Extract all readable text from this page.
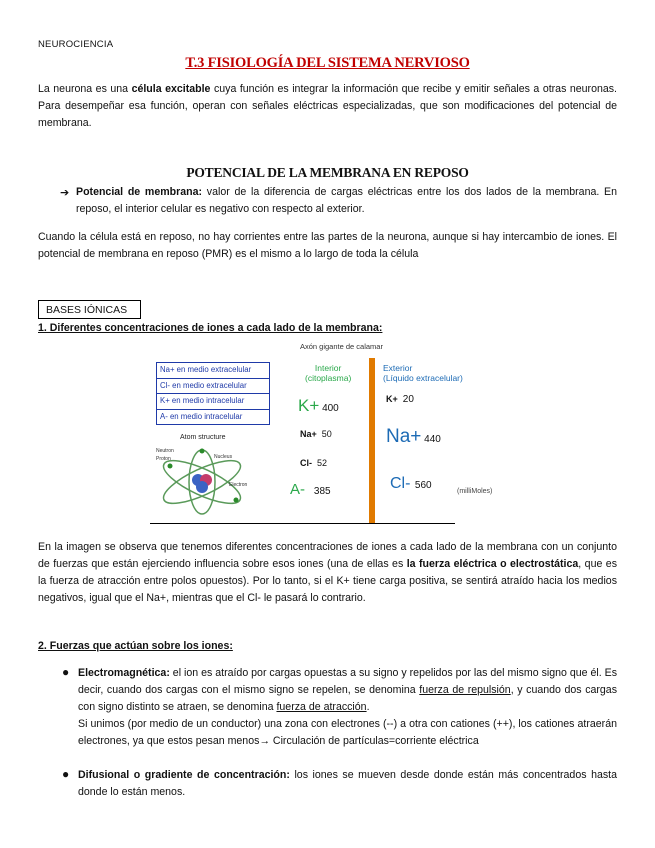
NEUROCIENCIA
T.3 FISIOLOGÍA DEL SISTEMA NERVIOSO

La neurona es una célula excitable cuya función es integrar la información que recibe y emitir señales a otras neuronas. Para desempeñar esa función, operan con señales eléctricas especializadas, que son modificaciones del potencial de membrana.

POTENCIAL DE LA MEMBRANA EN REPOSO
➔ Potencial de membrana: valor de la diferencia de cargas eléctricas entre los dos lados de la membrana. En reposo, el interior celular es negativo con respecto al exterior.

Cuando la célula está en reposo, no hay corrientes entre las partes de la neurona, aunque si hay intercambio de iones. El potencial de membrana en reposo (PMR) es el mismo a lo largo de toda la célula

BASES IÓNICAS
1. Diferentes concentraciones de iones a cada lado de la membrana:
Axón gigante de calamar
Na+ en medio extracelular
Cl- en medio extracelular
K+ en medio intracelular
A- en medio intracelular
Atom structure
Neutron
Proton	Nucleus
Electron
Interior
(citoplasma)
Exterior
(Líquido extracelular)
K+ 400
Na+ 50
Cl- 52
A- 385
K+ 20
Na+ 440
Cl- 560
(milliMoles)

En la imagen se observa que tenemos diferentes concentraciones de iones a cada lado de la membrana con un conjunto de fuerzas que están ejerciendo influencia sobre esos iones (una de ellas es la fuerza eléctrica o electrostática, que es la fuerza de atracción entre polos opuestos). Por lo tanto, si el K+ tiene carga positiva, se sentirá atraído hacia los medios negativos, igual que el Na+, mientras que el Cl- le pasará lo contrario.

2. Fuerzas que actúan sobre los iones:
● Electromagnética: el ion es atraído por cargas opuestas a su signo y repelidos por las del mismo signo que él. Es decir, cuando dos cargas con el mismo signo se repelen, se denomina fuerza de repulsión, y cuando dos cargas con signo distinto se atraen, se denomina fuerza de atracción.
Si unimos (por medio de un conductor) una zona con electrones (--) a otra con cationes (++), los cationes atraerán electrones, ya que estos pesan menos→ Circulación de partículas=corriente eléctrica

● Difusional o gradiente de concentración: los iones se mueven desde donde están más concentrados hasta donde lo están menos.
